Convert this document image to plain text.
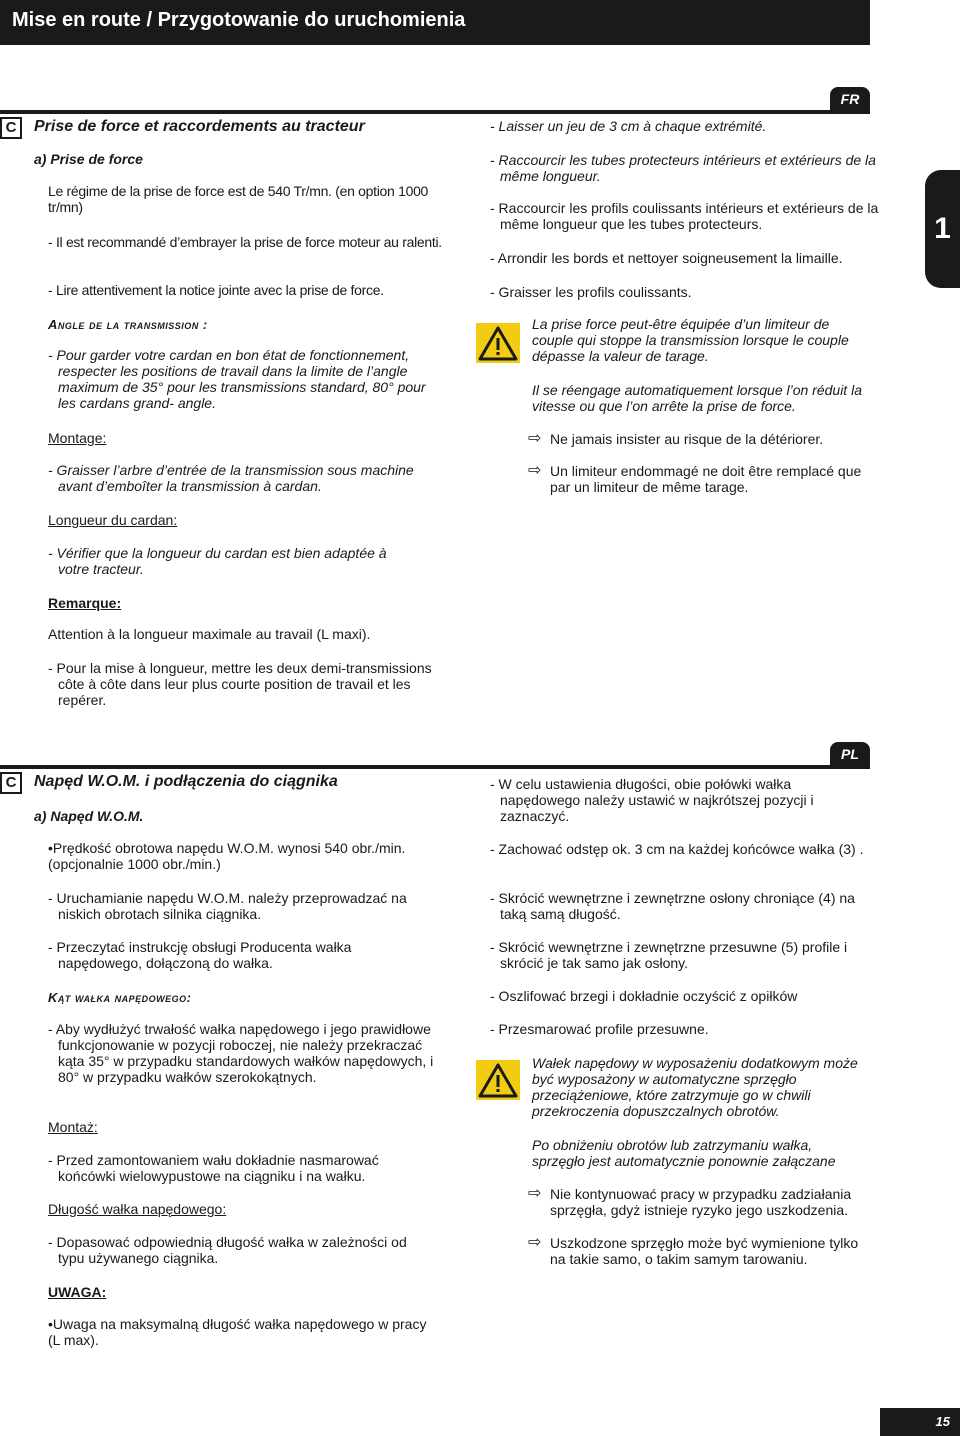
Mise en route / Przygotowanie do uruchomienia
1
FR
C	Prise de force et raccordements au tracteur
a) Prise de force
Le régime de la prise de force est de 540 Tr/mn. (en option 1000 tr/mn)
- Il est recommandé d’embrayer la prise de force moteur au ralenti.
- Lire attentivement la notice jointe avec la prise de force.
Angle de la transmission :
- Pour garder votre cardan en bon état de fonctionnement, respecter les positions de travail dans la limite de l’angle maximum de 35° pour les transmissions standard, 80° pour les cardans grand- angle.
Montage:
- Graisser l’arbre d’entrée de la transmission sous machine avant d’emboîter la transmission à cardan.
Longueur du cardan:
- Vérifier que la longueur du cardan est bien adaptée à votre tracteur.
Remarque:
Attention à la longueur maximale au travail (L maxi).
- Pour la mise à longueur, mettre les deux demi-transmissions côte à côte dans leur plus courte position de travail et les repérer.
- Laisser un jeu de 3 cm à chaque extrémité.
- Raccourcir les tubes protecteurs intérieurs et extérieurs de la même longueur.
- Raccourcir les profils coulissants intérieurs et extérieurs de la même longueur que les tubes protecteurs.
- Arrondir les bords et nettoyer soigneusement la limaille.
- Graisser les profils coulissants.
La prise force peut-être équipée d’un limiteur de couple qui stoppe la transmission lorsque le couple dépasse la valeur de tarage.
Il se réengage automatiquement lorsque l’on réduit la vitesse ou que l’on arrête la prise de force.
⇨ Ne jamais insister au risque de la détériorer.
⇨ Un limiteur endommagé ne doit être remplacé que par un limiteur de même tarage.
PL
C	Napęd W.O.M. i podłączenia do ciągnika
a) Napęd W.O.M.
•Prędkość obrotowa napędu W.O.M. wynosi 540 obr./min. (opcjonalnie 1000 obr./min.)
- Uruchamianie napędu W.O.M. należy przeprowadzać na niskich obrotach silnika ciągnika.
- Przeczytać instrukcję obsługi Producenta wałka napędowego, dołączoną do wałka.
Kąt wałka napędowego:
- Aby wydłużyć trwałość wałka napędowego i jego prawidłowe funkcjonowanie w pozycji roboczej, nie należy przekraczać kąta 35° w przypadku standardowych wałków napędowych, i 80° w przypadku wałków szerokokątnych.
Montaż:
- Przed zamontowaniem wału dokładnie nasmarować końcówki wielowypustowe na ciągniku i na wałku.
Długość wałka napędowego:
- Dopasować odpowiednią długość wałka w zależności od typu używanego ciągnika.
UWAGA:
•Uwaga na maksymalną długość wałka napędowego w pracy (L max).
- W celu ustawienia długości, obie połówki wałka napędowego należy ustawić w najkrótszej pozycji i zaznaczyć.
- Zachować odstęp ok. 3 cm na każdej końcówce wałka (3) .
- Skrócić wewnętrzne i zewnętrzne osłony chroniące (4) na taką samą długość.
- Skrócić wewnętrzne i zewnętrzne przesuwne (5) profile i skrócić je tak samo jak osłony.
- Oszlifować brzegi i dokładnie oczyścić z opiłków
- Przesmarować profile przesuwne.
Wałek napędowy w wyposażeniu dodatkowym może być wyposażony w automatyczne sprzęgło przeciążeniowe, które zatrzymuje go w chwili przekroczenia dopuszczalnych obrotów.
Po obniżeniu obrotów lub zatrzymaniu wałka, sprzęgło jest automatycznie ponownie załączane
⇨ Nie kontynuować pracy w przypadku zadziałania sprzęgła, gdyż istnieje ryzyko jego uszkodzenia.
⇨ Uszkodzone sprzęgło może być wymienione tylko na takie samo, o takim samym tarowaniu.
15
